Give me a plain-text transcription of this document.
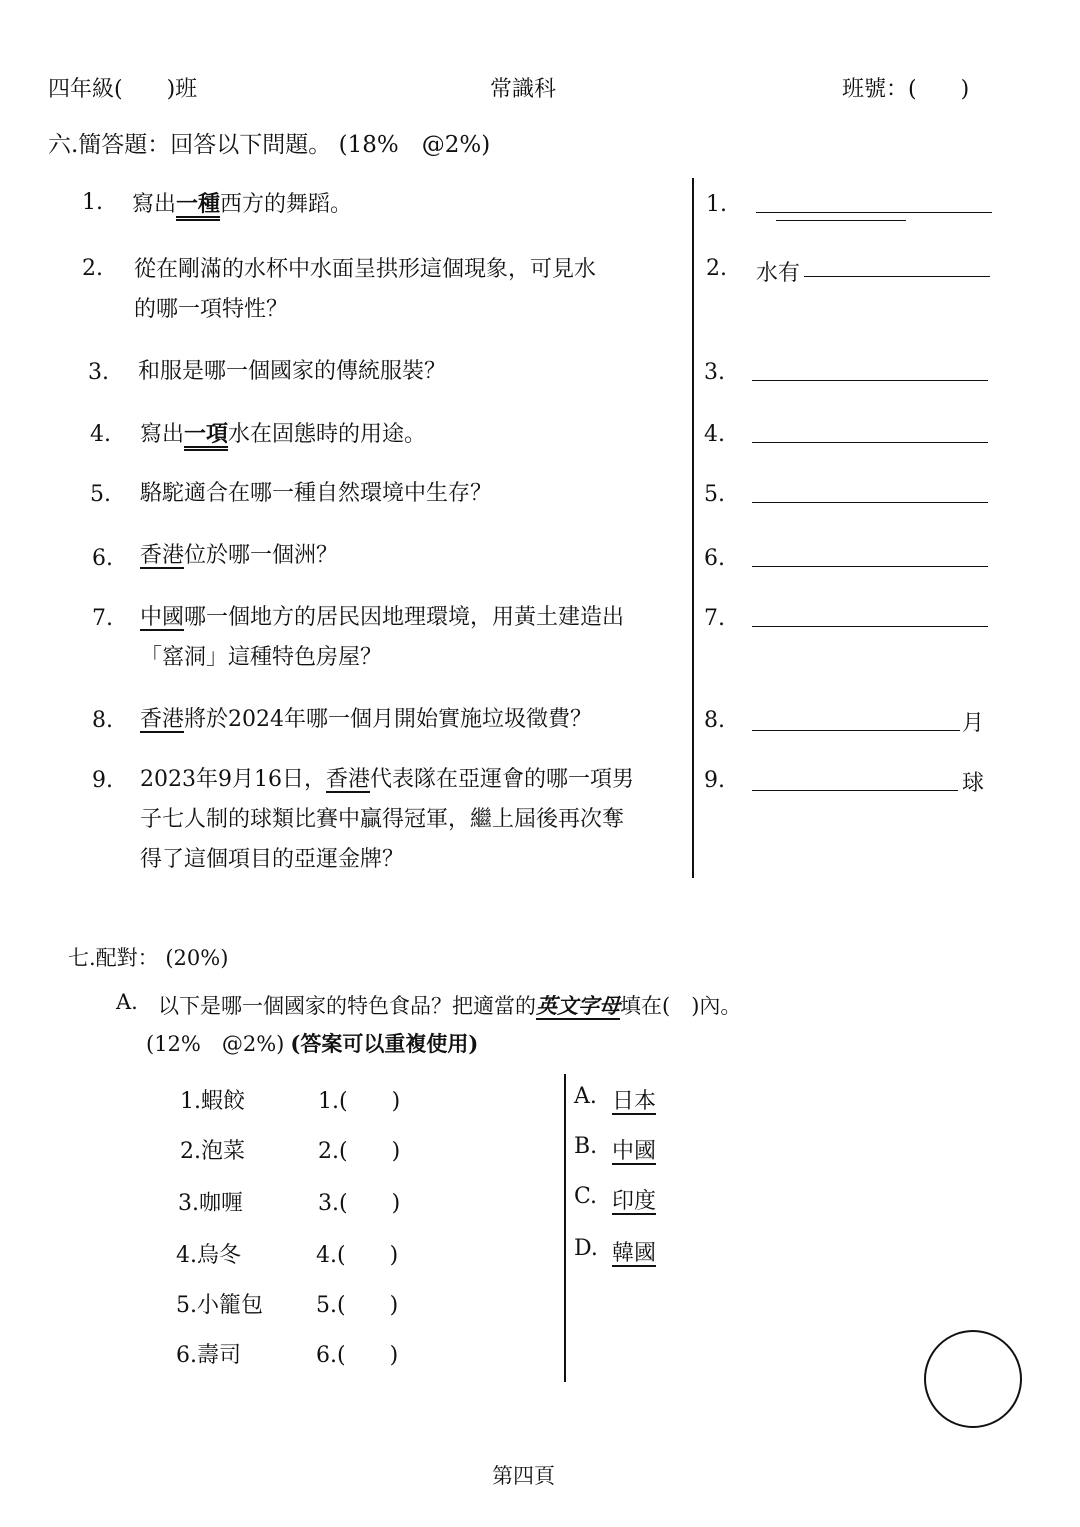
四年級(　　)班	常識科	班號：(　　)
六.簡答題：回答以下問題。 (18%　@2%)
1. 寫出一種西方的舞蹈。	1.
2. 從在剛滿的水杯中水面呈拱形這個現象，可見水
的哪一項特性？
2. 水有
3. 和服是哪一個國家的傳統服裝？	3.
4. 寫出一項水在固態時的用途。	4.
5. 駱駝適合在哪一種自然環境中生存？	5.
6. 香港位於哪一個洲？	6.
7. 中國哪一個地方的居民因地理環境，用黃土建造出
「窰洞」這種特色房屋？
7.
8. 香港將於2024年哪一個月開始實施垃圾徵費？	8.	月
9. 2023年9月16日，香港代表隊在亞運會的哪一項男
子七人制的球類比賽中贏得冠軍，繼上屆後再次奪
得了這個項目的亞運金牌？
9.	球
七.配對： (20%)
A. 以下是哪一個國家的特色食品？把適當的英文字母填在(　)內。
(12%　@2%) (答案可以重複使用)
1.蝦餃	1.(　　)
2.泡菜	2.(　　)
3.咖喱	3.(　　)
4.烏冬	4.(　　)
5.小籠包 5.(　　)
6.壽司	6.(　　)
A. 日本
B. 中國
C. 印度
D. 韓國
第四頁
